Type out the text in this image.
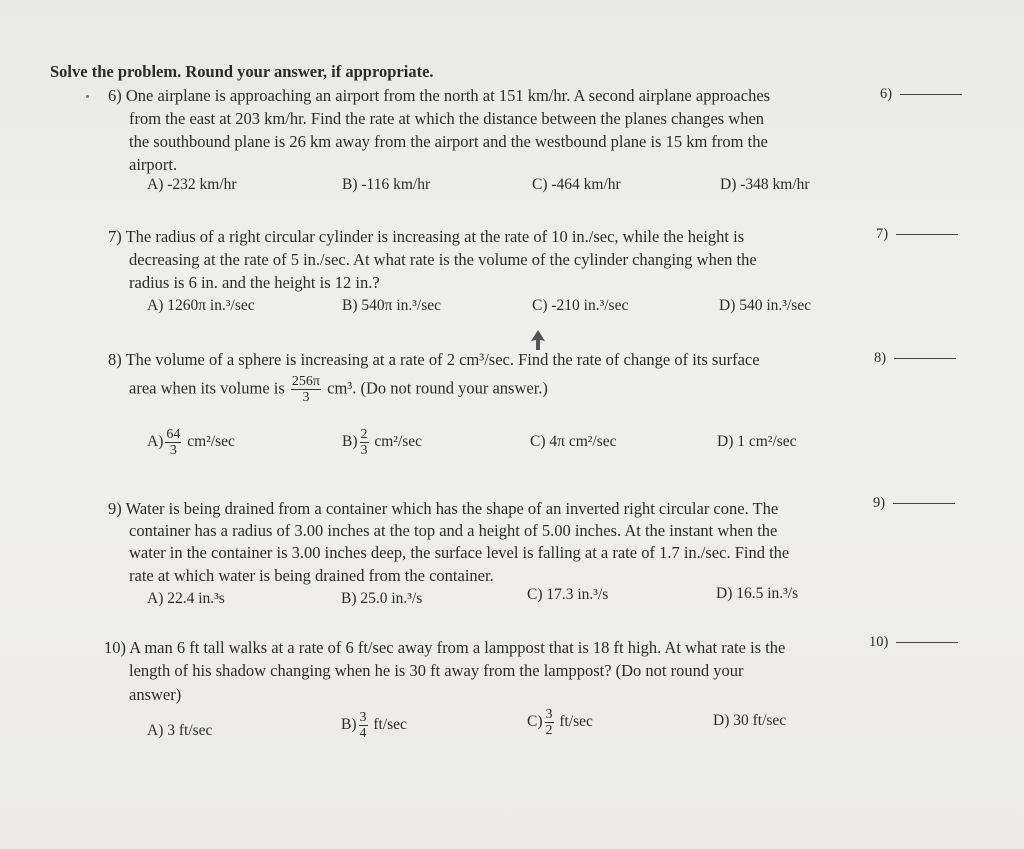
Solve the problem. Round your answer, if appropriate.
6) One airplane is approaching an airport from the north at 151 km/hr. A second airplane approaches
from the east at 203 km/hr. Find the rate at which the distance between the planes changes when
the southbound plane is 26 km away from the airport and the westbound plane is 15 km from the
airport.
A) -232 km/hr	B) -116 km/hr	C) -464 km/hr	D) -348 km/hr
6)
7) The radius of a right circular cylinder is increasing at the rate of 10 in./sec, while the height is
decreasing at the rate of 5 in./sec. At what rate is the volume of the cylinder changing when the
radius is 6 in. and the height is 12 in.?
A) 1260π in.³/sec	B) 540π in.³/sec	C) -210 in.³/sec	D) 540 in.³/sec
7)
8) The volume of a sphere is increasing at a rate of 2 cm³/sec. Find the rate of change of its surface
area when its volume is $\frac{256\pi}{3} cm^3$. (Do not round your answer.)
$A) \frac{64}{3} cm^2/\sec$	$B) \frac{2}{3} cm^2/\sec$	C) 4π cm²/sec	D) 1 cm²/sec
8)
9) Water is being drained from a container which has the shape of an inverted right circular cone. The
container has a radius of 3.00 inches at the top and a height of 5.00 inches. At the instant when the
water in the container is 3.00 inches deep, the surface level is falling at a rate of 1.7 in./sec. Find the
rate at which water is being drained from the container.
A) 22.4 in.³s	B) 25.0 in.³/s	C) 17.3 in.³/s	D) 16.5 in.³/s
9)
10) A man 6 ft tall walks at a rate of 6 ft/sec away from a lamppost that is 18 ft high. At what rate is the
length of his shadow changing when he is 30 ft away from the lamppost? (Do not round your
answer)
A) 3 ft/sec	$B) \frac{3}{4} ft/\sec$	$C) \frac{3}{2} ft/\sec$	D) 30 ft/sec
10)
